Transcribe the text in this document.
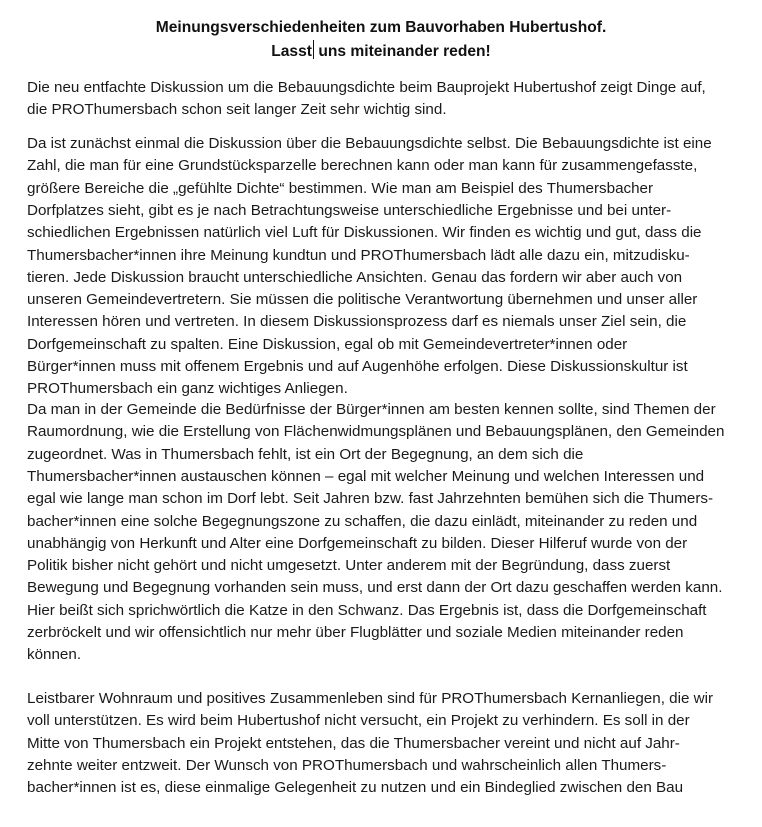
Meinungsverschiedenheiten zum Bauvorhaben Hubertushof.
Lasst uns miteinander reden!
Die neu entfachte Diskussion um die Bebauungsdichte beim Bauprojekt Hubertushof zeigt Dinge auf,
die PROThumersbach schon seit langer Zeit sehr wichtig sind.
Da ist zunächst einmal die Diskussion über die Bebauungsdichte selbst. Die Bebauungsdichte ist eine
Zahl, die man für eine Grundstücksparzelle berechnen kann oder man kann für zusammengefasste,
größere Bereiche die „gefühlte Dichte“ bestimmen. Wie man am Beispiel des Thumersbacher
Dorfplatzes sieht, gibt es je nach Betrachtungsweise unterschiedliche Ergebnisse und bei unter-
schiedlichen Ergebnissen natürlich viel Luft für Diskussionen. Wir finden es wichtig und gut, dass die
Thumersbacher*innen ihre Meinung kundtun und PROThumersbach lädt alle dazu ein, mitzudisku-
tieren. Jede Diskussion braucht unterschiedliche Ansichten. Genau das fordern wir aber auch von
unseren Gemeindevertretern. Sie müssen die politische Verantwortung übernehmen und unser aller
Interessen hören und vertreten. In diesem Diskussionsprozess darf es niemals unser Ziel sein, die
Dorfgemeinschaft zu spalten. Eine Diskussion, egal ob mit Gemeindevertreter*innen oder
Bürger*innen muss mit offenem Ergebnis und auf Augenhöhe erfolgen. Diese Diskussionskultur ist
PROThumersbach ein ganz wichtiges Anliegen.
Da man in der Gemeinde die Bedürfnisse der Bürger*innen am besten kennen sollte, sind Themen der
Raumordnung, wie die Erstellung von Flächenwidmungsplänen und Bebauungsplänen, den Gemeinden
zugeordnet. Was in Thumersbach fehlt, ist ein Ort der Begegnung, an dem sich die
Thumersbacher*innen austauschen können – egal mit welcher Meinung und welchen Interessen und
egal wie lange man schon im Dorf lebt. Seit Jahren bzw. fast Jahrzehnten bemühen sich die Thumers-
bacher*innen eine solche Begegnungszone zu schaffen, die dazu einlädt, miteinander zu reden und
unabhängig von Herkunft und Alter eine Dorfgemeinschaft zu bilden. Dieser Hilferuf wurde von der
Politik bisher nicht gehört und nicht umgesetzt. Unter anderem mit der Begründung, dass zuerst
Bewegung und Begegnung vorhanden sein muss, und erst dann der Ort dazu geschaffen werden kann.
Hier beißt sich sprichwörtlich die Katze in den Schwanz. Das Ergebnis ist, dass die Dorfgemeinschaft
zerbröckelt und wir offensichtlich nur mehr über Flugblätter und soziale Medien miteinander reden
können.
Leistbarer Wohnraum und positives Zusammenleben sind für PROThumersbach Kernanliegen, die wir
voll unterstützen. Es wird beim Hubertushof nicht versucht, ein Projekt zu verhindern. Es soll in der
Mitte von Thumersbach ein Projekt entstehen, das die Thumersbacher vereint und nicht auf Jahr-
zehnte weiter entzweit. Der Wunsch von PROThumersbach und wahrscheinlich allen Thumers-
bacher*innen ist es, diese einmalige Gelegenheit zu nutzen und ein Bindeglied zwischen den Bau
